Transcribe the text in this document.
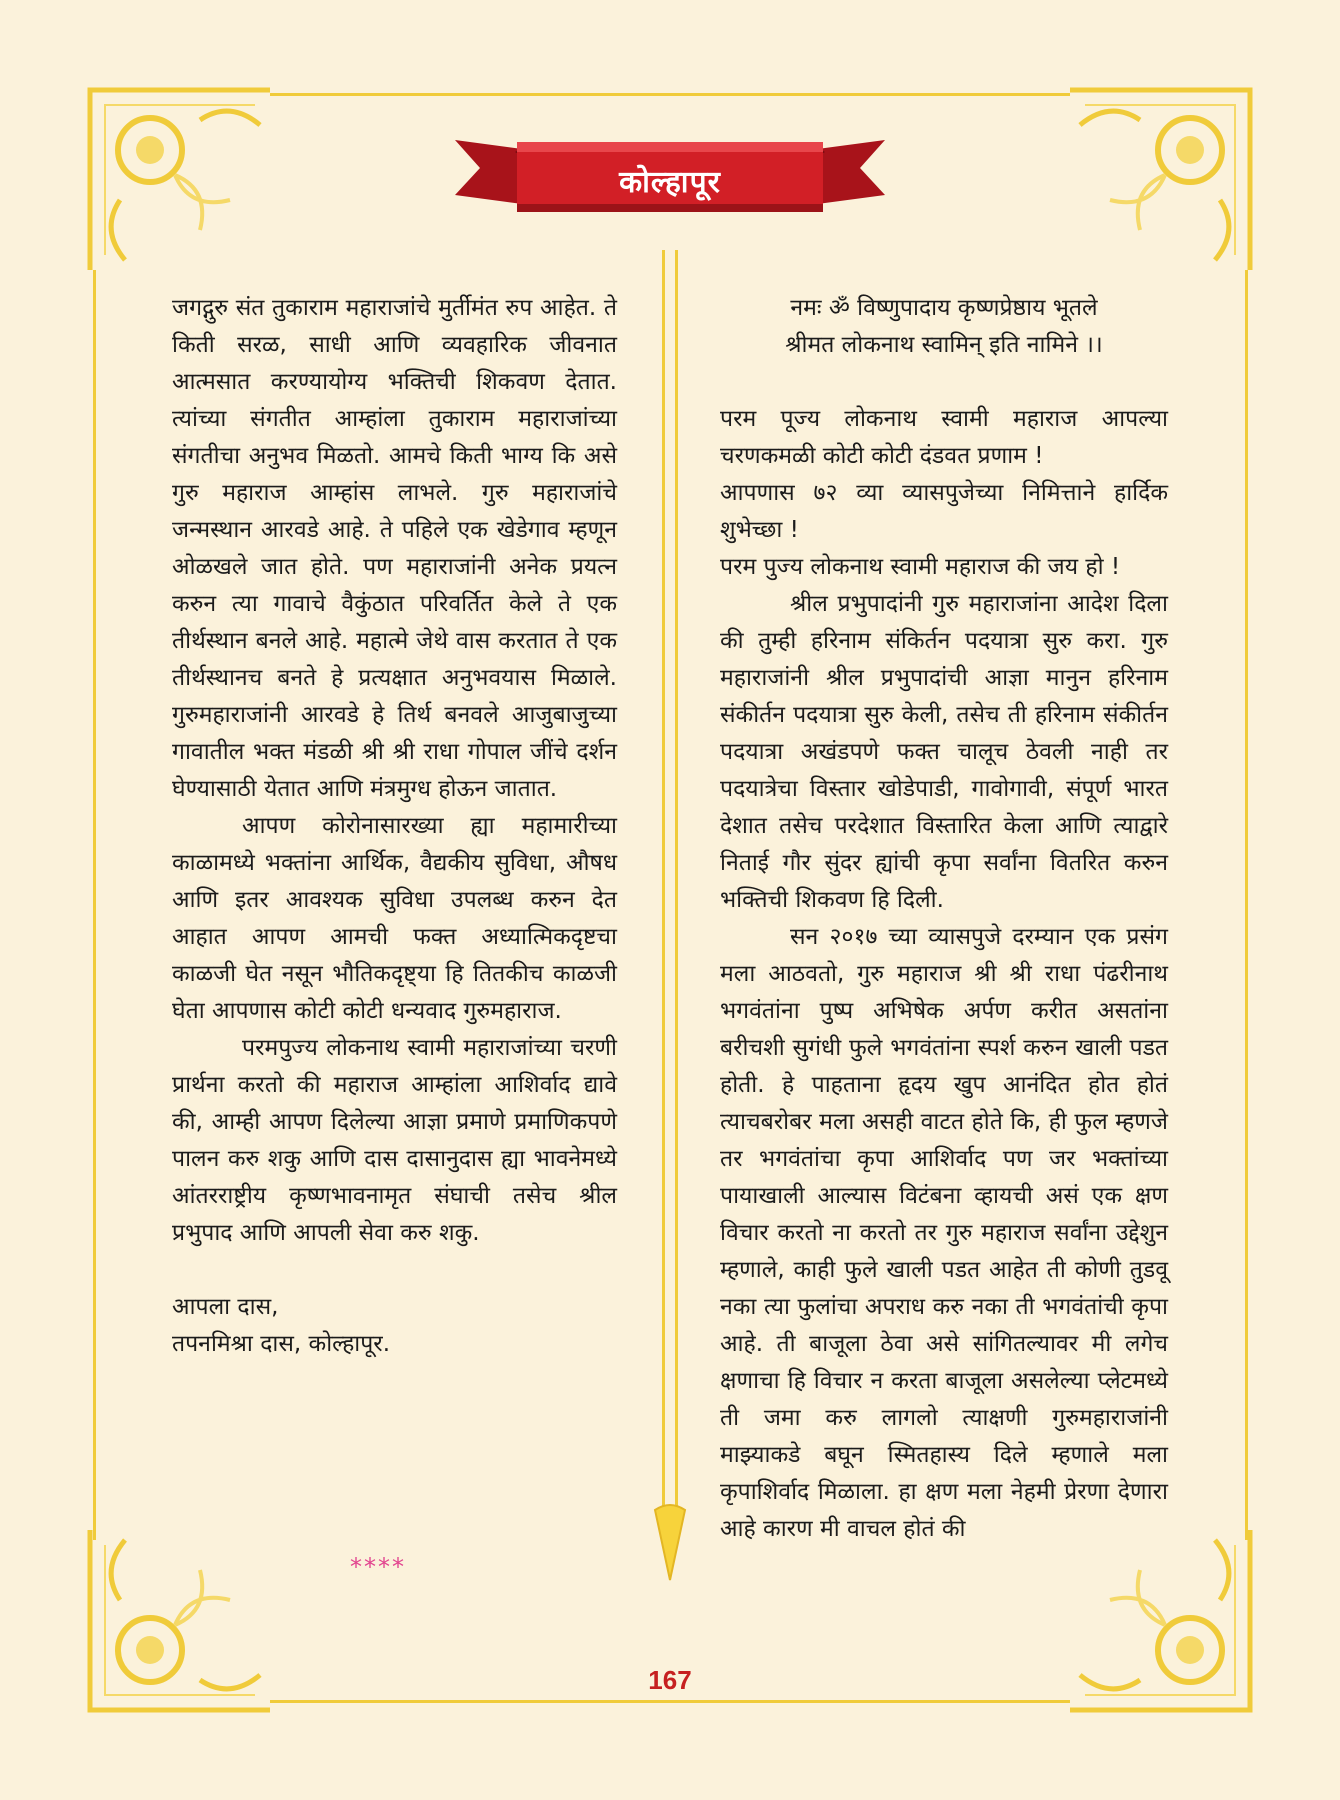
कोल्हापूर

जगद्गुरु संत तुकाराम महाराजांचे मुर्तीमंत रुप आहेत. ते किती सरळ, साधी आणि व्यवहारिक जीवनात आत्मसात करण्यायोग्य भक्तिची शिकवण देतात. त्यांच्या संगतीत आम्हांला तुकाराम महाराजांच्या संगतीचा अनुभव मिळतो. आमचे किती भाग्य कि असे गुरु महाराज आम्हांस लाभले. गुरु महाराजांचे जन्मस्थान आरवडे आहे. ते पहिले एक खेडेगाव म्हणून ओळखले जात होते. पण महाराजांनी अनेक प्रयत्न करुन त्या गावाचे वैकुंठात परिवर्तित केले ते एक तीर्थस्थान बनले आहे. महात्मे जेथे वास करतात ते एक तीर्थस्थानच बनते हे प्रत्यक्षात अनुभवयास मिळाले. गुरुमहाराजांनी आरवडे हे तिर्थ बनवले आजुबाजुच्या गावातील भक्त मंडळी श्री श्री राधा गोपाल जींचे दर्शन घेण्यासाठी येतात आणि मंत्रमुग्ध होऊन जातात.

आपण कोरोनासारख्या ह्या महामारीच्या काळामध्ये भक्तांना आर्थिक, वैद्यकीय सुविधा, औषध आणि इतर आवश्यक सुविधा उपलब्ध करुन देत आहात आपण आमची फक्त अध्यात्मिकदृष्टचा काळजी घेत नसून भौतिकदृष्ट्या हि तितकीच काळजी घेता आपणास कोटी कोटी धन्यवाद गुरुमहाराज.

परमपुज्य लोकनाथ स्वामी महाराजांच्या चरणी प्रार्थना करतो की महाराज आम्हांला आशिर्वाद द्यावे की, आम्ही आपण दिलेल्या आज्ञा प्रमाणे प्रमाणिकपणे पालन करु शकु आणि दास दासानुदास ह्या भावनेमध्ये आंतरराष्ट्रीय कृष्णभावनामृत संघाची तसेच श्रील प्रभुपाद आणि आपली सेवा करु शकु.

आपला दास,

तपनमिश्रा दास, कोल्हापूर.

****

नमः ॐ विष्णुपादाय कृष्णप्रेष्ठाय भूतले
श्रीमत लोकनाथ स्वामिन् इति नामिने ।।

परम पूज्य लोकनाथ स्वामी महाराज आपल्या चरणकमळी कोटी कोटी दंडवत प्रणाम !

आपणास ७२ व्या व्यासपुजेच्या निमित्ताने हार्दिक शुभेच्छा !

परम पुज्य लोकनाथ स्वामी महाराज की जय हो !

श्रील प्रभुपादांनी गुरु महाराजांना आदेश दिला की तुम्ही हरिनाम संकिर्तन पदयात्रा सुरु करा. गुरु महाराजांनी श्रील प्रभुपादांची आज्ञा मानुन हरिनाम संकीर्तन पदयात्रा सुरु केली, तसेच ती हरिनाम संकीर्तन पदयात्रा अखंडपणे फक्त चालूच ठेवली नाही तर पदयात्रेचा विस्तार खोडेपाडी, गावोगावी, संपूर्ण भारत देशात तसेच परदेशात विस्तारित केला आणि त्याद्वारे निताई गौर सुंदर ह्यांची कृपा सर्वांना वितरित करुन भक्तिची शिकवण हि दिली.

सन २०१७ च्या व्यासपुजे दरम्यान एक प्रसंग मला आठवतो, गुरु महाराज श्री श्री राधा पंढरीनाथ भगवंतांना पुष्प अभिषेक अर्पण करीत असतांना बरीचशी सुगंधी फुले भगवंतांना स्पर्श करुन खाली पडत होती. हे पाहताना हृदय खुप आनंदित होत होतं त्याचबरोबर मला असही वाटत होते कि, ही फुल म्हणजे तर भगवंतांचा कृपा आशिर्वाद पण जर भक्तांच्या पायाखाली आल्यास विटंबना व्हायची असं एक क्षण विचार करतो ना करतो तर गुरु महाराज सर्वांना उद्देशुन म्हणाले, काही फुले खाली पडत आहेत ती कोणी तुडवू नका त्या फुलांचा अपराध करु नका ती भगवंतांची कृपा आहे. ती बाजूला ठेवा असे सांगितल्यावर मी लगेच क्षणाचा हि विचार न करता बाजूला असलेल्या प्लेटमध्ये ती जमा करु लागलो त्याक्षणी गुरुमहाराजांनी माझ्याकडे बघून स्मितहास्य दिले म्हणाले मला कृपाशिर्वाद मिळाला. हा क्षण मला नेहमी प्रेरणा देणारा आहे कारण मी वाचल होतं की

167
